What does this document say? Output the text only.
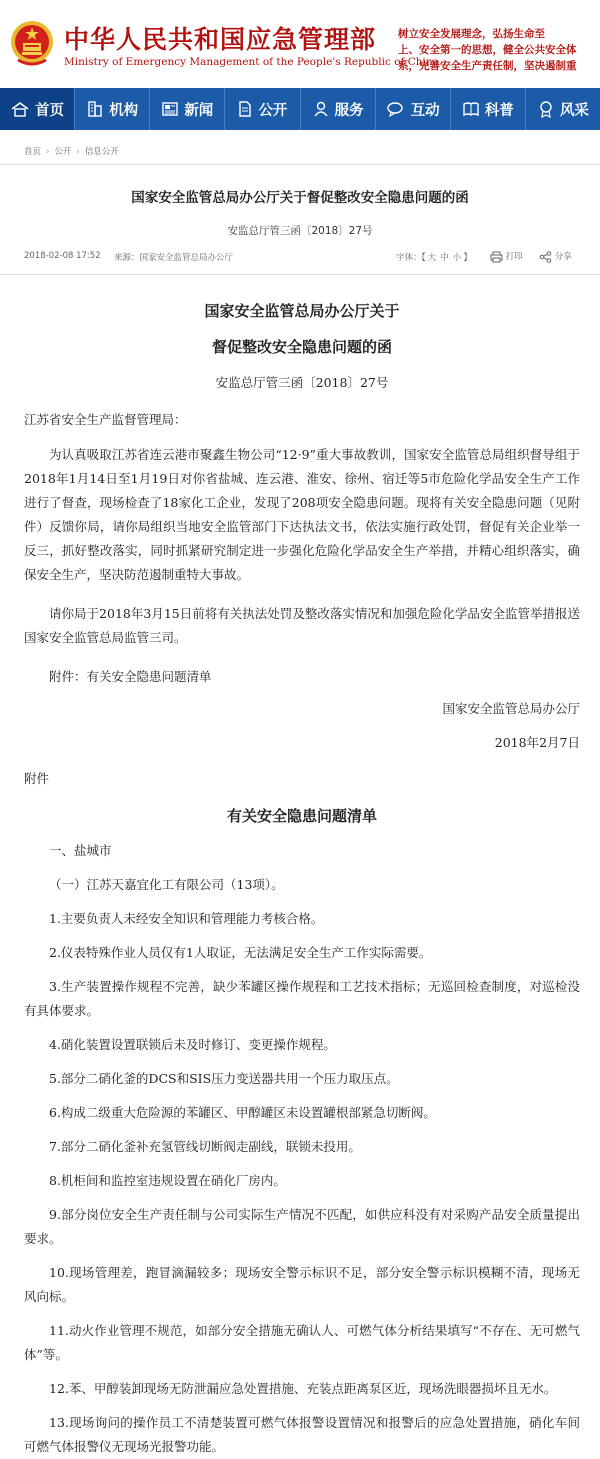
中华人民共和国应急管理部
Ministry of Emergency Management of the People's Republic of China
树立安全发展理念，弘扬生命至
上、安全第一的思想，健全公共安全体
系，完善安全生产责任制，坚决遏制重
首页	机构	新闻	公开	服务	互动	科普	风采
首页 › 公开 › 信息公开
国家安全监管总局办公厅关于督促整改安全隐患问题的函
安监总厅管三函〔2018〕27号
2018-02-08 17:52 来源：国家安全监管总局办公厅	字体：【 大 中 小 】	打印	分享
国家安全监管总局办公厅关于
督促整改安全隐患问题的函
安监总厅管三函〔2018〕27号

江苏省安全生产监督管理局：

为认真吸取江苏省连云港市聚鑫生物公司“12·9”重大事故教训，国家安全监管总局组织督导组于2018年1月14日至1月19日对你省盐城、连云港、淮安、徐州、宿迁等5市危险化学品安全生产工作进行了督查，现场检查了18家化工企业，发现了208项安全隐患问题。现将有关安全隐患问题（见附件）反馈你局，请你局组织当地安全监管部门下达执法文书，依法实施行政处罚，督促有关企业举一反三，抓好整改落实，同时抓紧研究制定进一步强化危险化学品安全生产举措，并精心组织落实，确保安全生产，坚决防范遏制重特大事故。

请你局于2018年3月15日前将有关执法处罚及整改落实情况和加强危险化学品安全监管举措报送国家安全监管总局监管三司。

附件：有关安全隐患问题清单

国家安全监管总局办公厅

2018年2月7日

附件

有关安全隐患问题清单

一、盐城市

（一）江苏天嘉宜化工有限公司（13项）。

1.主要负责人未经安全知识和管理能力考核合格。

2.仪表特殊作业人员仅有1人取证，无法满足安全生产工作实际需要。

3.生产装置操作规程不完善，缺少苯罐区操作规程和工艺技术指标；无巡回检查制度，对巡检没有具体要求。

4.硝化装置设置联锁后未及时修订、变更操作规程。

5.部分二硝化釜的DCS和SIS压力变送器共用一个压力取压点。

6.构成二级重大危险源的苯罐区、甲醇罐区未设置罐根部紧急切断阀。

7.部分二硝化釜补充氢管线切断阀走副线，联锁未投用。

8.机柜间和监控室违规设置在硝化厂房内。

9.部分岗位安全生产责任制与公司实际生产情况不匹配，如供应科没有对采购产品安全质量提出要求。

10.现场管理差，跑冒滴漏较多；现场安全警示标识不足，部分安全警示标识模糊不清，现场无风向标。

11.动火作业管理不规范，如部分安全措施无确认人、可燃气体分析结果填写“不存在、无可燃气体”等。

12.苯、甲醇装卸现场无防泄漏应急处置措施、充装点距离泵区近，现场洗眼器损坏且无水。

13.现场询问的操作员工不清楚装置可燃气体报警设置情况和报警后的应急处置措施，硝化车间可燃气体报警仪无现场光报警功能。
